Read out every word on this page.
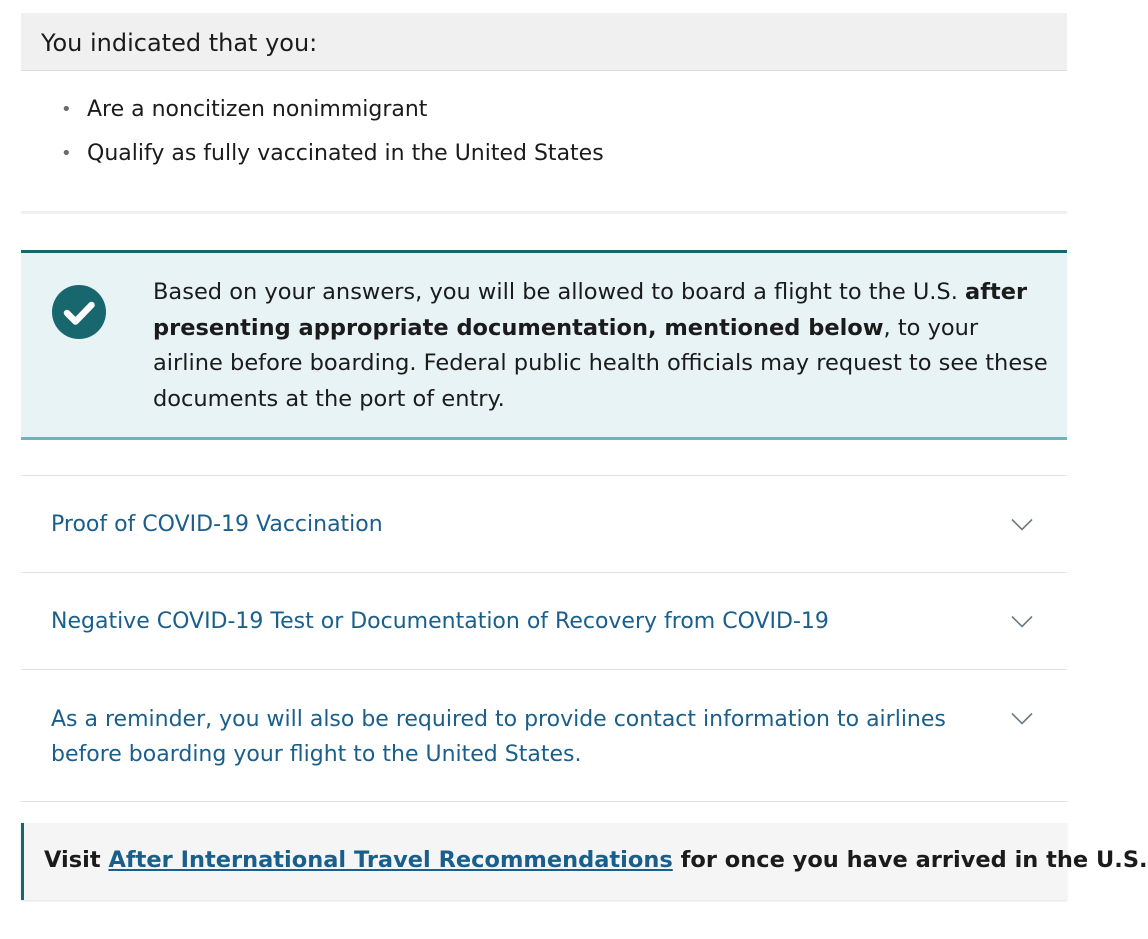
You indicated that you:
• Are a noncitizen nonimmigrant
• Qualify as fully vaccinated in the United States

Based on your answers, you will be allowed to board a flight to the U.S. after presenting appropriate documentation, mentioned below, to your airline before boarding. Federal public health officials may request to see these documents at the port of entry.

Proof of COVID-19 Vaccination
Negative COVID-19 Test or Documentation of Recovery from COVID-19
As a reminder, you will also be required to provide contact information to airlines before boarding your flight to the United States.
Visit After International Travel Recommendations for once you have arrived in the U.S.
